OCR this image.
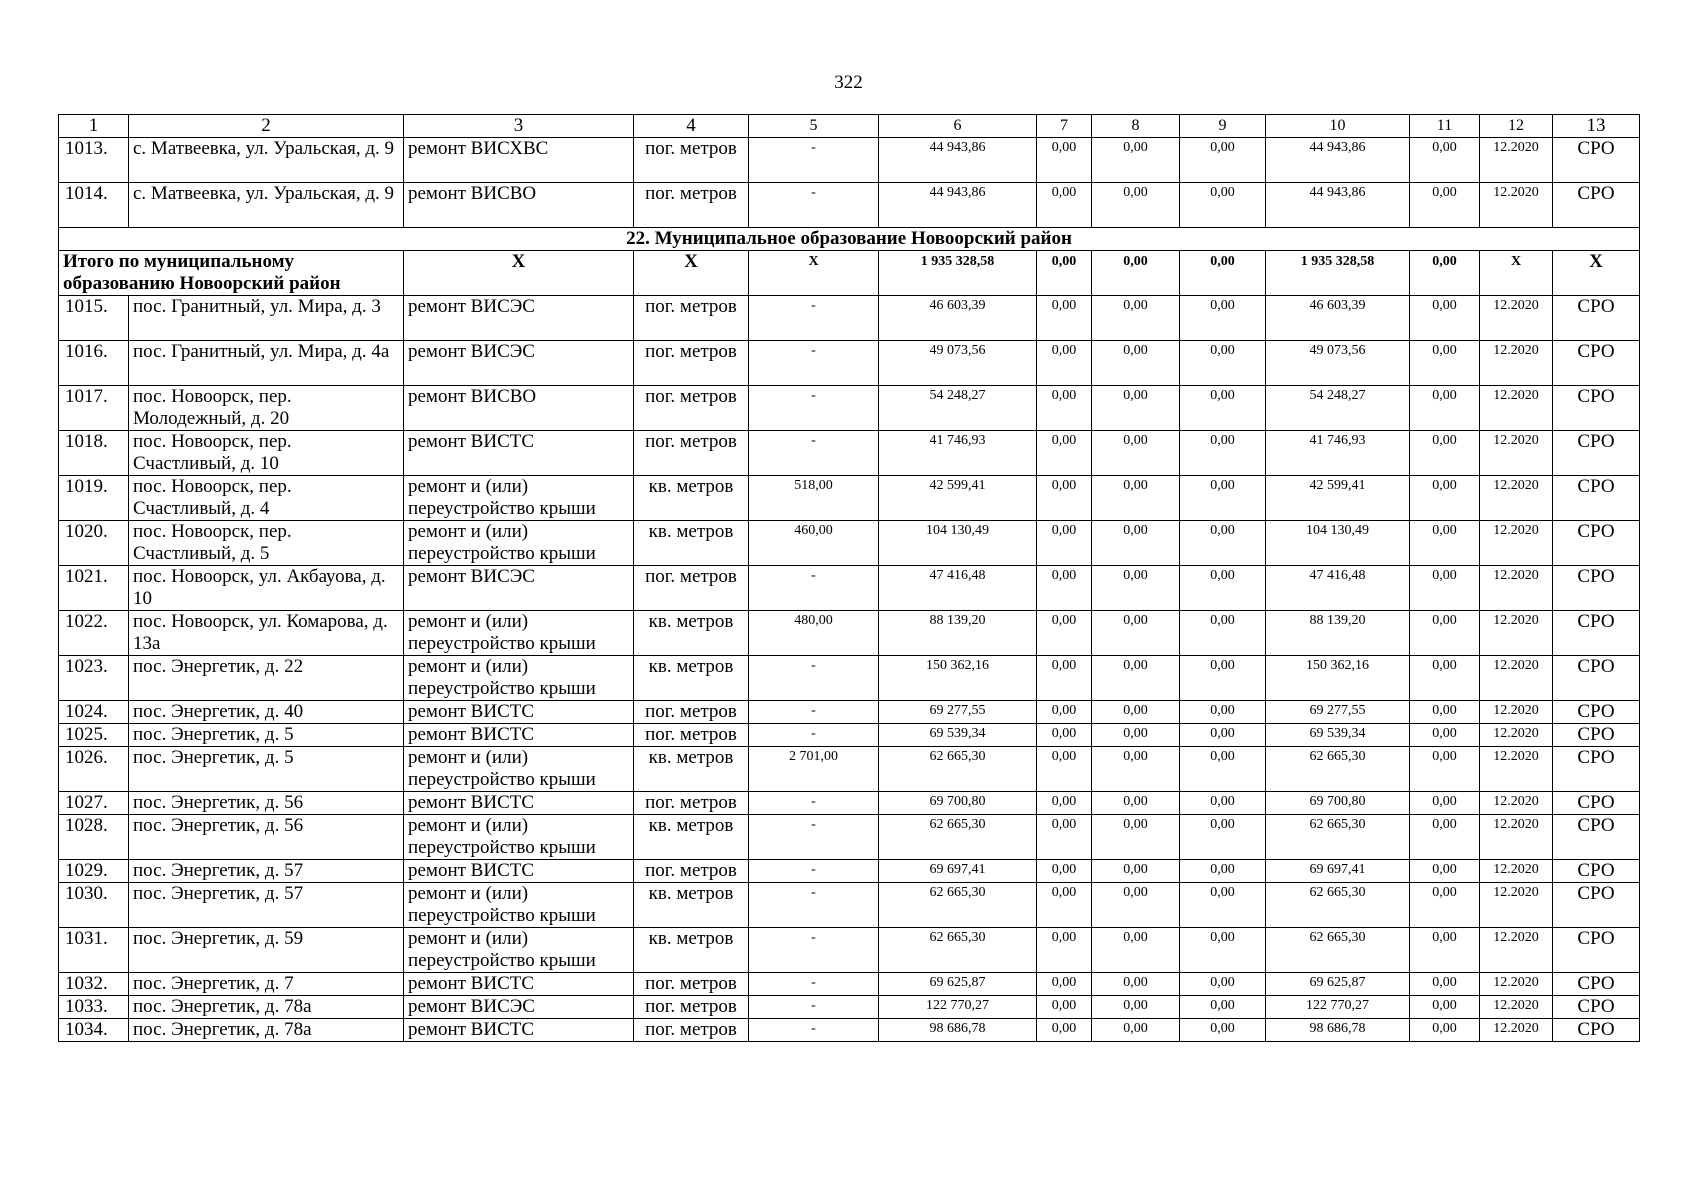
322
1	2	3	4	5	6	7	8	9	10	11	12	13
1013.	с. Матвеевка, ул. Уральская, д. 9	ремонт ВИСХВС	пог. метров	-	44 943,86	0,00	0,00	0,00	44 943,86	0,00	12.2020	СРО
1014.	с. Матвеевка, ул. Уральская, д. 9	ремонт ВИСВО	пог. метров	-	44 943,86	0,00	0,00	0,00	44 943,86	0,00	12.2020	СРО
22. Муниципальное образование Новоорский район												
Итого по муниципальному образованию Новоорский район		X	X	X	1 935 328,58	0,00	0,00	0,00	1 935 328,58	0,00	X	X
1015.	пос. Гранитный, ул. Мира, д. 3	ремонт ВИСЭС	пог. метров	-	46 603,39	0,00	0,00	0,00	46 603,39	0,00	12.2020	СРО
1016.	пос. Гранитный, ул. Мира, д. 4а	ремонт ВИСЭС	пог. метров	-	49 073,56	0,00	0,00	0,00	49 073,56	0,00	12.2020	СРО
1017.	пос. Новоорск, пер. Молодежный, д. 20	ремонт ВИСВО	пог. метров	-	54 248,27	0,00	0,00	0,00	54 248,27	0,00	12.2020	СРО
1018.	пос. Новоорск, пер. Счастливый, д. 10	ремонт ВИСТС	пог. метров	-	41 746,93	0,00	0,00	0,00	41 746,93	0,00	12.2020	СРО
1019.	пос. Новоорск, пер. Счастливый, д. 4	ремонт и (или) переустройство крыши	кв. метров	518,00	42 599,41	0,00	0,00	0,00	42 599,41	0,00	12.2020	СРО
1020.	пос. Новоорск, пер. Счастливый, д. 5	ремонт и (или) переустройство крыши	кв. метров	460,00	104 130,49	0,00	0,00	0,00	104 130,49	0,00	12.2020	СРО
1021.	пос. Новоорск, ул. Акбауова, д. 10	ремонт ВИСЭС	пог. метров	-	47 416,48	0,00	0,00	0,00	47 416,48	0,00	12.2020	СРО
1022.	пос. Новоорск, ул. Комарова, д. 13а	ремонт и (или) переустройство крыши	кв. метров	480,00	88 139,20	0,00	0,00	0,00	88 139,20	0,00	12.2020	СРО
1023.	пос. Энергетик, д. 22	ремонт и (или) переустройство крыши	кв. метров	-	150 362,16	0,00	0,00	0,00	150 362,16	0,00	12.2020	СРО
1024.	пос. Энергетик, д. 40	ремонт ВИСТС	пог. метров	-	69 277,55	0,00	0,00	0,00	69 277,55	0,00	12.2020	СРО
1025.	пос. Энергетик, д. 5	ремонт ВИСТС	пог. метров	-	69 539,34	0,00	0,00	0,00	69 539,34	0,00	12.2020	СРО
1026.	пос. Энергетик, д. 5	ремонт и (или) переустройство крыши	кв. метров	2 701,00	62 665,30	0,00	0,00	0,00	62 665,30	0,00	12.2020	СРО
1027.	пос. Энергетик, д. 56	ремонт ВИСТС	пог. метров	-	69 700,80	0,00	0,00	0,00	69 700,80	0,00	12.2020	СРО
1028.	пос. Энергетик, д. 56	ремонт и (или) переустройство крыши	кв. метров	-	62 665,30	0,00	0,00	0,00	62 665,30	0,00	12.2020	СРО
1029.	пос. Энергетик, д. 57	ремонт ВИСТС	пог. метров	-	69 697,41	0,00	0,00	0,00	69 697,41	0,00	12.2020	СРО
1030.	пос. Энергетик, д. 57	ремонт и (или) переустройство крыши	кв. метров	-	62 665,30	0,00	0,00	0,00	62 665,30	0,00	12.2020	СРО
1031.	пос. Энергетик, д. 59	ремонт и (или) переустройство крыши	кв. метров	-	62 665,30	0,00	0,00	0,00	62 665,30	0,00	12.2020	СРО
1032.	пос. Энергетик, д. 7	ремонт ВИСТС	пог. метров	-	69 625,87	0,00	0,00	0,00	69 625,87	0,00	12.2020	СРО
1033.	пос. Энергетик, д. 78а	ремонт ВИСЭС	пог. метров	-	122 770,27	0,00	0,00	0,00	122 770,27	0,00	12.2020	СРО
1034.	пос. Энергетик, д. 78а	ремонт ВИСТС	пог. метров	-	98 686,78	0,00	0,00	0,00	98 686,78	0,00	12.2020	СРО
